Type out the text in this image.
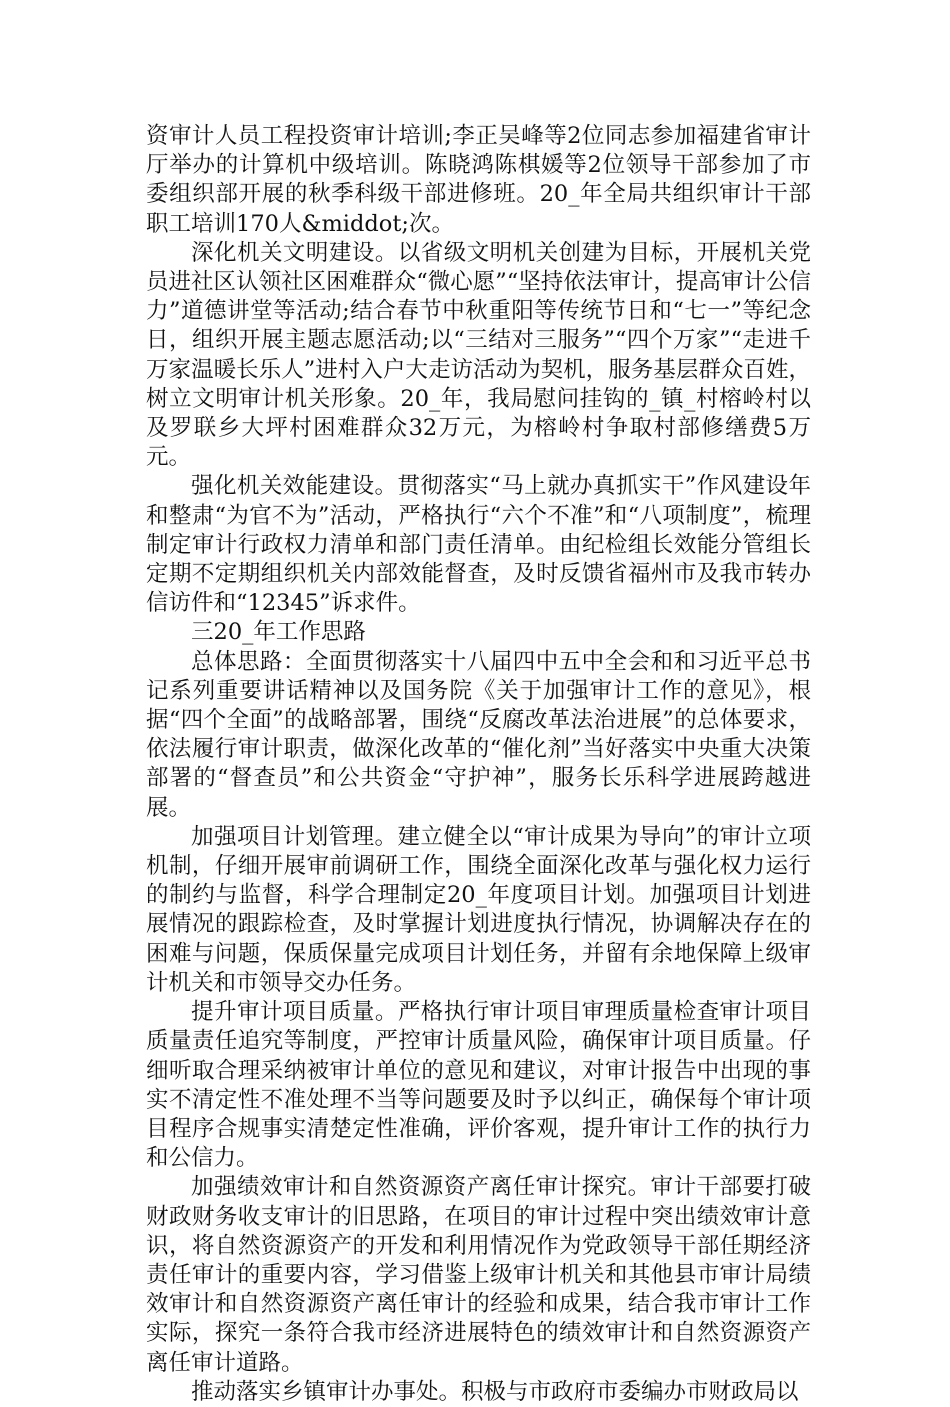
资审计人员工程投资审计培训;李正吴峰等2位同志参加福建省审计厅举办的计算机中级培训。陈晓鸿陈棋媛等2位领导干部参加了市委组织部开展的秋季科级干部进修班。20_年全局共组织审计干部职工培训170人&middot;次。

深化机关文明建设。以省级文明机关创建为目标，开展机关党员进社区认领社区困难群众“微心愿”“坚持依法审计，提高审计公信力”道德讲堂等活动;结合春节中秋重阳等传统节日和“七一”等纪念日，组织开展主题志愿活动;以“三结对三服务”“四个万家”“走进千万家温暖长乐人”进村入户大走访活动为契机，服务基层群众百姓，树立文明审计机关形象。20_年，我局慰问挂钩的_镇_村榕岭村以及罗联乡大坪村困难群众32万元，为榕岭村争取村部修缮费5万元。

强化机关效能建设。贯彻落实“马上就办真抓实干”作风建设年和整肃“为官不为”活动，严格执行“六个不准”和“八项制度”，梳理制定审计行政权力清单和部门责任清单。由纪检组长效能分管组长定期不定期组织机关内部效能督查，及时反馈省福州市及我市转办信访件和“12345”诉求件。

三20_年工作思路

总体思路：全面贯彻落实十八届四中五中全会和和习近平总书记系列重要讲话精神以及国务院《关于加强审计工作的意见》，根据“四个全面”的战略部署，围绕“反腐改革法治进展”的总体要求，依法履行审计职责，做深化改革的“催化剂”当好落实中央重大决策部署的“督查员”和公共资金“守护神”，服务长乐科学进展跨越进展。

加强项目计划管理。建立健全以“审计成果为导向”的审计立项机制，仔细开展审前调研工作，围绕全面深化改革与强化权力运行的制约与监督，科学合理制定20_年度项目计划。加强项目计划进展情况的跟踪检查，及时掌握计划进度执行情况，协调解决存在的困难与问题，保质保量完成项目计划任务，并留有余地保障上级审计机关和市领导交办任务。

提升审计项目质量。严格执行审计项目审理质量检查审计项目质量责任追究等制度，严控审计质量风险，确保审计项目质量。仔细听取合理采纳被审计单位的意见和建议，对审计报告中出现的事实不清定性不准处理不当等问题要及时予以纠正，确保每个审计项目程序合规事实清楚定性准确，评价客观，提升审计工作的执行力和公信力。

加强绩效审计和自然资源资产离任审计探究。审计干部要打破财政财务收支审计的旧思路，在项目的审计过程中突出绩效审计意识，将自然资源资产的开发和利用情况作为党政领导干部任期经济责任审计的重要内容，学习借鉴上级审计机关和其他县市审计局绩效审计和自然资源资产离任审计的经验和成果，结合我市审计工作实际，探究一条符合我市经济进展特色的绩效审计和自然资源资产离任审计道路。

推动落实乡镇审计办事处。积极与市政府市委编办市财政局以
